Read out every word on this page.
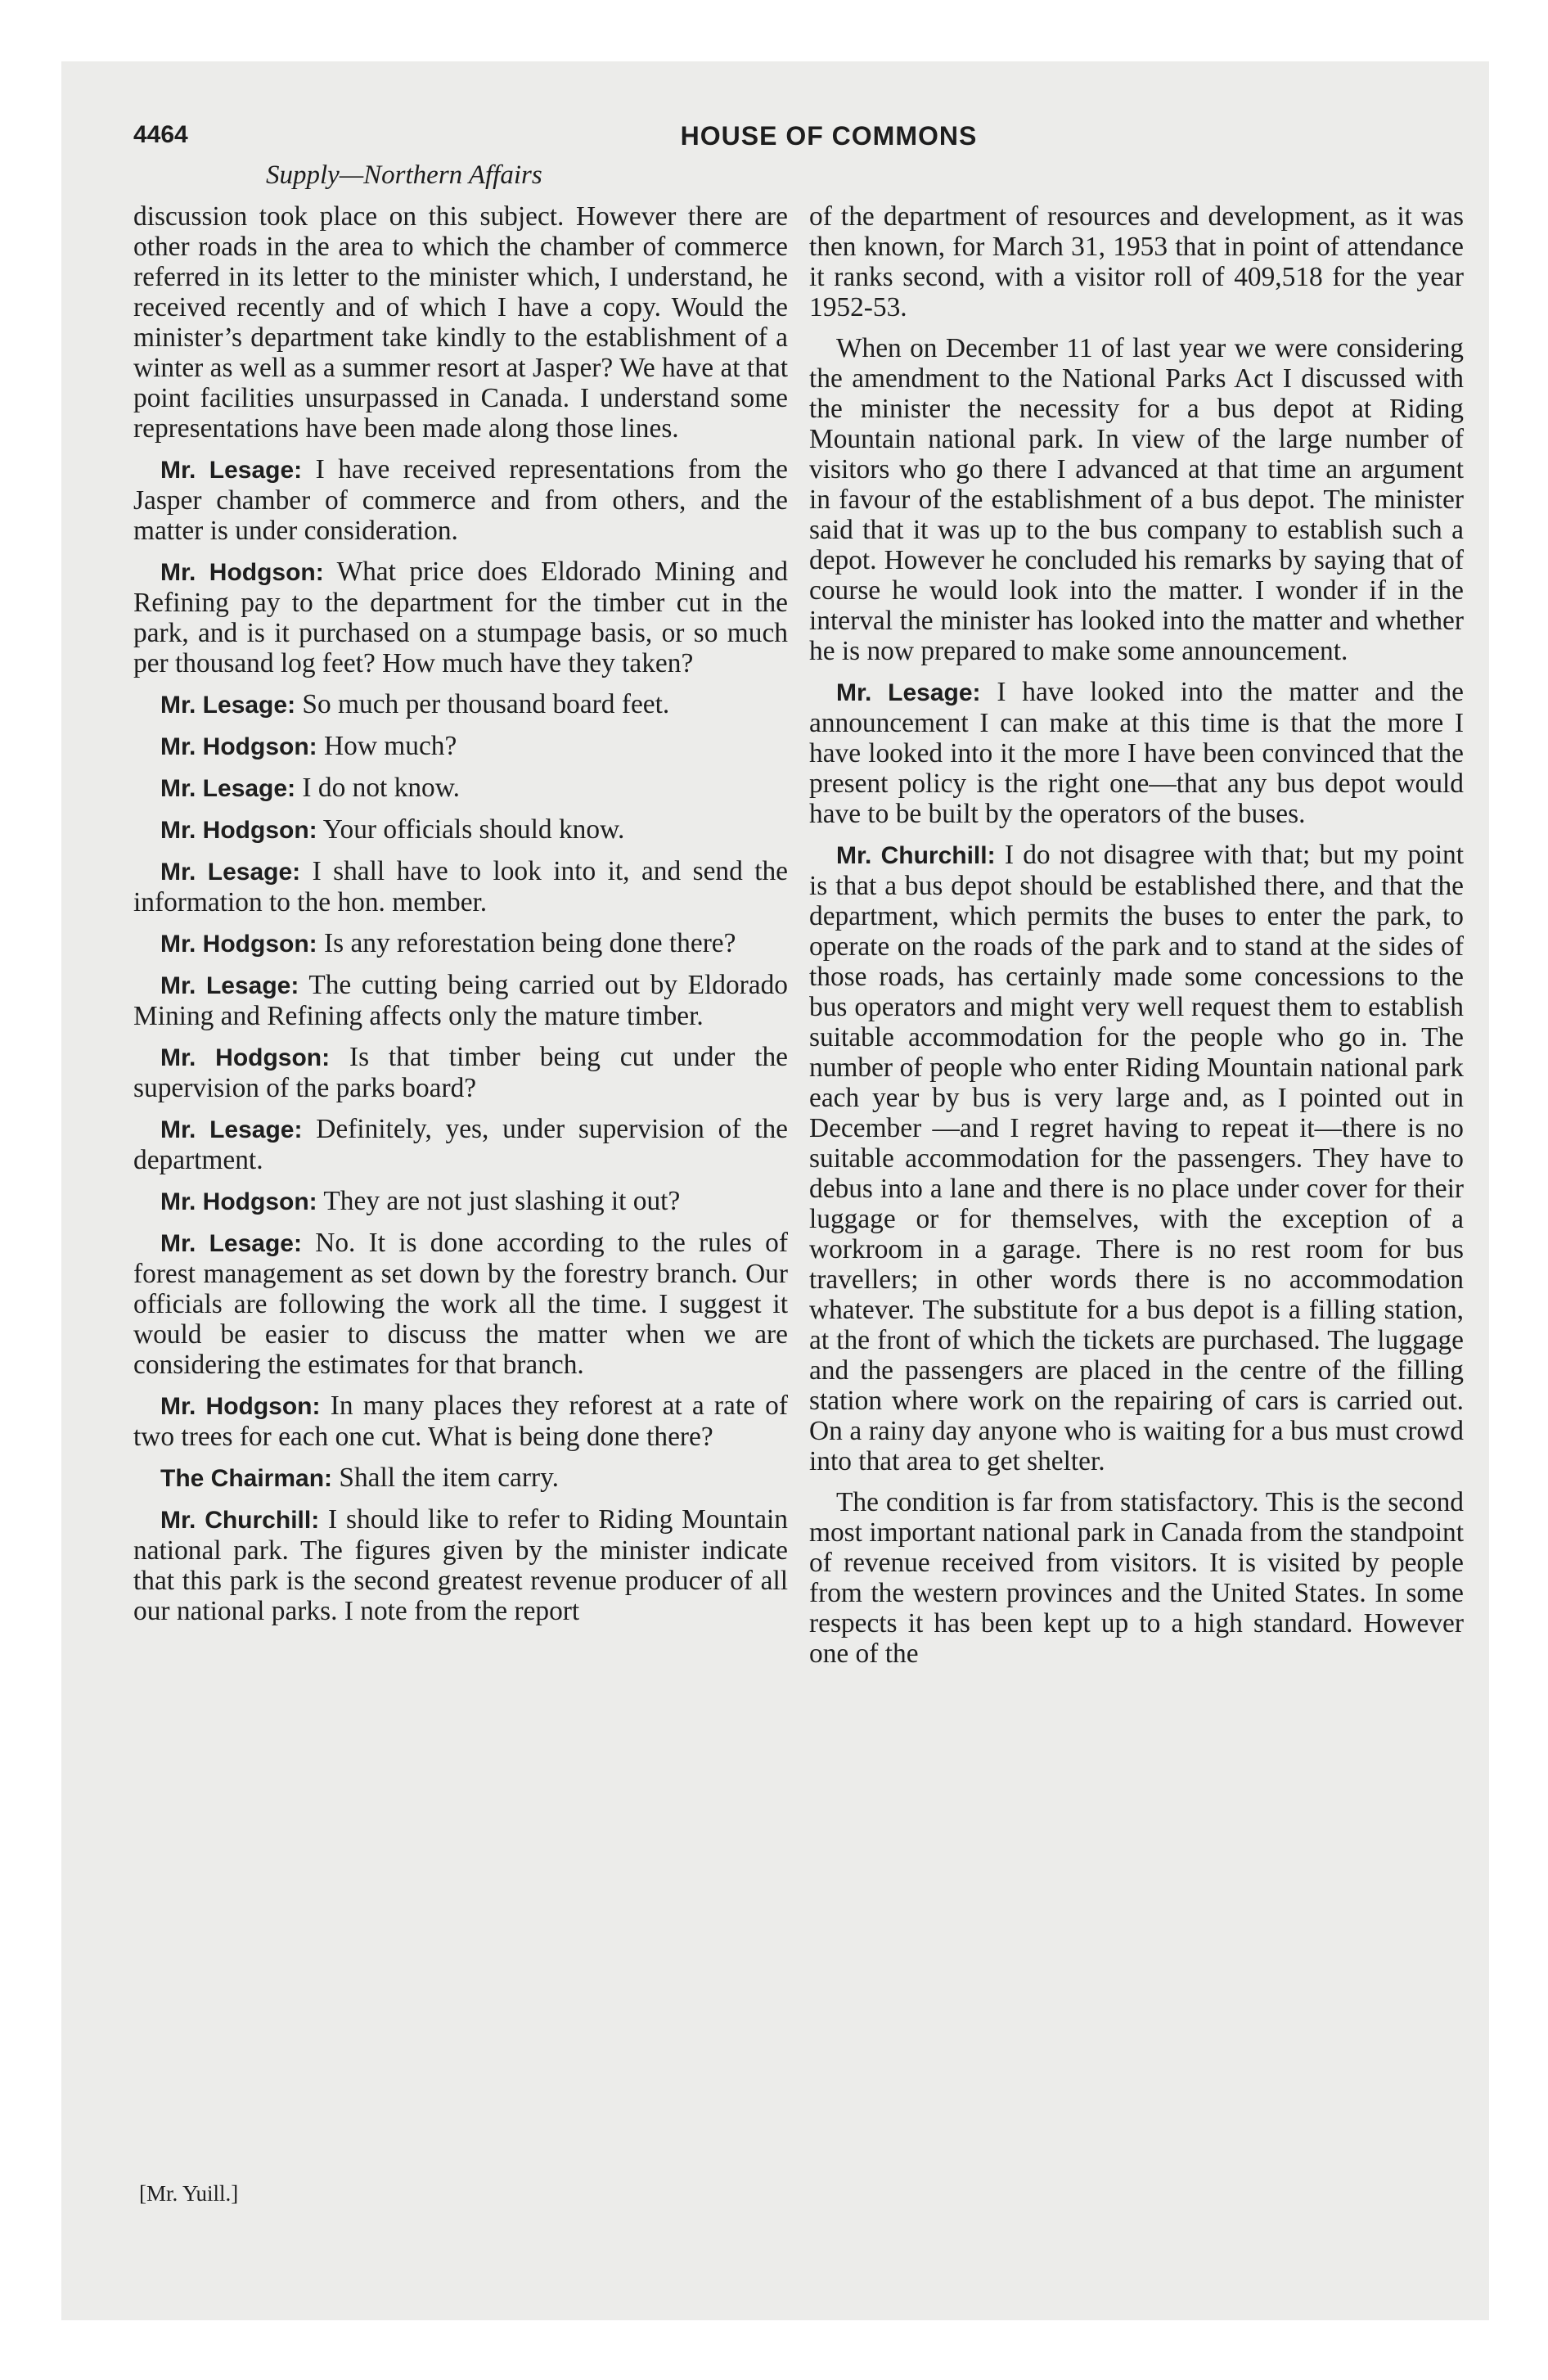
4464	HOUSE OF COMMONS
Supply—Northern Affairs

discussion took place on this subject. However there are other roads in the area to which the chamber of commerce referred in its letter to the minister which, I understand, he received recently and of which I have a copy. Would the minister’s department take kindly to the establishment of a winter as well as a summer resort at Jasper? We have at that point facilities unsurpassed in Canada. I understand some representations have been made along those lines.

Mr. Lesage: I have received representations from the Jasper chamber of commerce and from others, and the matter is under consideration.

Mr. Hodgson: What price does Eldorado Mining and Refining pay to the department for the timber cut in the park, and is it purchased on a stumpage basis, or so much per thousand log feet? How much have they taken?

Mr. Lesage: So much per thousand board feet.

Mr. Hodgson: How much?

Mr. Lesage: I do not know.

Mr. Hodgson: Your officials should know.

Mr. Lesage: I shall have to look into it, and send the information to the hon. member.

Mr. Hodgson: Is any reforestation being done there?

Mr. Lesage: The cutting being carried out by Eldorado Mining and Refining affects only the mature timber.

Mr. Hodgson: Is that timber being cut under the supervision of the parks board?

Mr. Lesage: Definitely, yes, under supervision of the department.

Mr. Hodgson: They are not just slashing it out?

Mr. Lesage: No. It is done according to the rules of forest management as set down by the forestry branch. Our officials are following the work all the time. I suggest it would be easier to discuss the matter when we are considering the estimates for that branch.

Mr. Hodgson: In many places they reforest at a rate of two trees for each one cut. What is being done there?

The Chairman: Shall the item carry.

Mr. Churchill: I should like to refer to Riding Mountain national park. The figures given by the minister indicate that this park is the second greatest revenue producer of all our national parks. I note from the report

of the department of resources and development, as it was then known, for March 31, 1953 that in point of attendance it ranks second, with a visitor roll of 409,518 for the year 1952-53.

When on December 11 of last year we were considering the amendment to the National Parks Act I discussed with the minister the necessity for a bus depot at Riding Mountain national park. In view of the large number of visitors who go there I advanced at that time an argument in favour of the establishment of a bus depot. The minister said that it was up to the bus company to establish such a depot. However he concluded his remarks by saying that of course he would look into the matter. I wonder if in the interval the minister has looked into the matter and whether he is now prepared to make some announcement.

Mr. Lesage: I have looked into the matter and the announcement I can make at this time is that the more I have looked into it the more I have been convinced that the present policy is the right one—that any bus depot would have to be built by the operators of the buses.

Mr. Churchill: I do not disagree with that; but my point is that a bus depot should be established there, and that the department, which permits the buses to enter the park, to operate on the roads of the park and to stand at the sides of those roads, has certainly made some concessions to the bus operators and might very well request them to establish suitable accommodation for the people who go in. The number of people who enter Riding Mountain national park each year by bus is very large and, as I pointed out in December —and I regret having to repeat it—there is no suitable accommodation for the passengers. They have to debus into a lane and there is no place under cover for their luggage or for themselves, with the exception of a workroom in a garage. There is no rest room for bus travellers; in other words there is no accommodation whatever. The substitute for a bus depot is a filling station, at the front of which the tickets are purchased. The luggage and the passengers are placed in the centre of the filling station where work on the repairing of cars is carried out. On a rainy day anyone who is waiting for a bus must crowd into that area to get shelter.

The condition is far from statisfactory. This is the second most important national park in Canada from the standpoint of revenue received from visitors. It is visited by people from the western provinces and the United States. In some respects it has been kept up to a high standard. However one of the

[Mr. Yuill.]
